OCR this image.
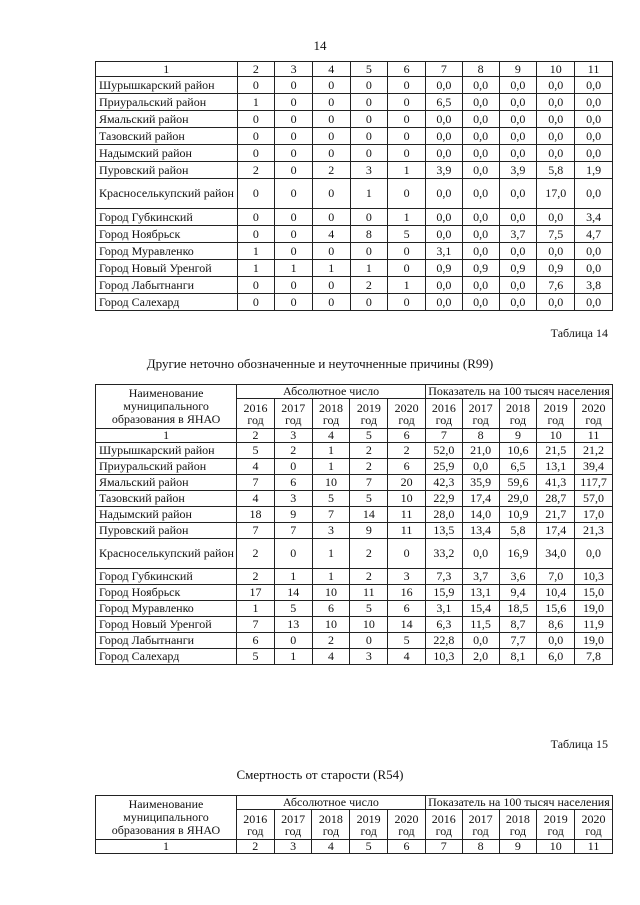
14
1	2	3	4	5	6	7	8	9	10	11
Шурышкарский район	0	0	0	0	0	0,0	0,0	0,0	0,0	0,0
Приуральский район	1	0	0	0	0	6,5	0,0	0,0	0,0	0,0
Ямальский район	0	0	0	0	0	0,0	0,0	0,0	0,0	0,0
Тазовский район	0	0	0	0	0	0,0	0,0	0,0	0,0	0,0
Надымский район	0	0	0	0	0	0,0	0,0	0,0	0,0	0,0
Пуровский район	2	0	2	3	1	3,9	0,0	3,9	5,8	1,9
Красноселькупский район	0	0	0	1	0	0,0	0,0	0,0	17,0	0,0
Город Губкинский	0	0	0	0	1	0,0	0,0	0,0	0,0	3,4
Город Ноябрьск	0	0	4	8	5	0,0	0,0	3,7	7,5	4,7
Город Муравленко	1	0	0	0	0	3,1	0,0	0,0	0,0	0,0
Город Новый Уренгой	1	1	1	1	0	0,9	0,9	0,9	0,9	0,0
Город Лабытнанги	0	0	0	2	1	0,0	0,0	0,0	7,6	3,8
Город Салехард	0	0	0	0	0	0,0	0,0	0,0	0,0	0,0
Таблица 14
Другие неточно обозначенные и неуточненные причины (R99)
Наименование муниципального образования в ЯНАО	Абсолютное число					Показатель на 100 тысяч населения				
	2016 год	2017 год	2018 год	2019 год	2020 год	2016 год	2017 год	2018 год	2019 год	2020 год
1	2	3	4	5	6	7	8	9	10	11
Шурышкарский район	5	2	1	2	2	52,0	21,0	10,6	21,5	21,2
Приуральский район	4	0	1	2	6	25,9	0,0	6,5	13,1	39,4
Ямальский район	7	6	10	7	20	42,3	35,9	59,6	41,3	117,7
Тазовский район	4	3	5	5	10	22,9	17,4	29,0	28,7	57,0
Надымский район	18	9	7	14	11	28,0	14,0	10,9	21,7	17,0
Пуровский район	7	7	3	9	11	13,5	13,4	5,8	17,4	21,3
Красноселькупский район	2	0	1	2	0	33,2	0,0	16,9	34,0	0,0
Город Губкинский	2	1	1	2	3	7,3	3,7	3,6	7,0	10,3
Город Ноябрьск	17	14	10	11	16	15,9	13,1	9,4	10,4	15,0
Город Муравленко	1	5	6	5	6	3,1	15,4	18,5	15,6	19,0
Город Новый Уренгой	7	13	10	10	14	6,3	11,5	8,7	8,6	11,9
Город Лабытнанги	6	0	2	0	5	22,8	0,0	7,7	0,0	19,0
Город Салехард	5	1	4	3	4	10,3	2,0	8,1	6,0	7,8
Таблица 15
Смертность от старости (R54)
Наименование муниципального образования в ЯНАО	Абсолютное число					Показатель на 100 тысяч населения				
	2016 год	2017 год	2018 год	2019 год	2020 год	2016 год	2017 год	2018 год	2019 год	2020 год
1	2	3	4	5	6	7	8	9	10	11
